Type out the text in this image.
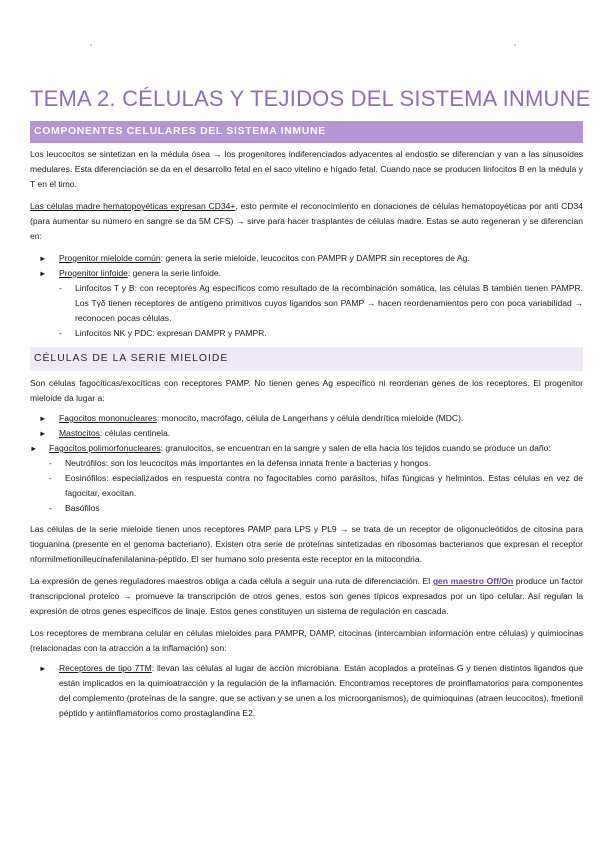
‚	‚
TEMA 2. CÉLULAS Y TEJIDOS DEL SISTEMA INMUNE
COMPONENTES CELULARES DEL SISTEMA INMUNE

Los leucocitos se sintetizan en la médula ósea → los progenitores indiferenciados adyacentes al endostio se diferencian y van a las sinusoides medulares. Esta diferenciación se da en el desarrollo fetal en el saco vitelino e hígado fetal. Cuando nace se producen linfocitos B en la médula y T en el timo.

Las células madre hematopoyéticas expresan CD34+, esto permite el reconocimiento en donaciones de células hematopoyéticas por anti CD34 (para aumentar su número en sangre se da 5M CFS) → sirve para hacer trasplantes de células madre. Estas se auto regeneran y se diferencian en:

► Progenitor mieloide común: genera la serie mieloide, leucocitos con PAMPR y DAMPR sin receptores de Ag.
► Progenitor linfoide: genera la serie linfoide.
- Linfocitos T y B: con receptores Ag específicos como resultado de la recombinación somática, las células B también tienen PAMPR. Los Tγδ tienen receptores de antígeno primitivos cuyos ligandos son PAMP → hacen reordenamientos pero con poca variabilidad → reconocen pocas células.
- Linfocitos NK y PDC: expresan DAMPR y PAMPR.
CÉLULAS DE LA SERIE MIELOIDE

Son células fagocíticas/exocíticas con receptores PAMP. No tienen genes Ag específico ni reordenan genes de los receptores. El progenitor mieloide da lugar a:

► Fagocitos mononucleares: monocito, macrófago, célula de Langerhans y célula dendrítica mieloide (MDC).
► Mastocitos: células centinela.
► Fagocitos polimorfonucleares: granulocitos, se encuentran en la sangre y salen de ella hacia los tejidos cuando se produce un daño:
- Neutrófilos: son los leucocitos más importantes en la defensa innata frente a bacterias y hongos.
- Eosinófilos: especializados en respuesta contra no fagocitables como parásitos, hifas fúngicas y helmintos. Estas células en vez de fagocitar, exocitan.
- Basófilos

Las células de la serie mieloide tienen unos receptores PAMP para LPS y PL9 → se trata de un receptor de oligonucleótidos de citosina para tioguanina (presente en el genoma bacteriano). Existen otra serie de proteínas sintetizadas en ribosomas bacterianos que expresan el receptor nformilmetionilleucinafenilalanina-péptido. El ser humano solo presenta este receptor en la mitocondria.

La expresión de genes reguladores maestros obliga a cada célula a seguir una ruta de diferenciación. El gen maestro Off/On produce un factor transcripcional proteico → promueve la transcripción de otros genes, estos son genes típicos expresados por un tipo celular. Así regulan la expresión de otros genes específicos de linaje. Estos genes constituyen un sistema de regulación en cascada.

Los receptores de membrana celular en células mieloides para PAMPR, DAMP, citocinas (intercambian información entre células) y quimiocinas (relacionadas con la atracción a la inflamación) son:

► Receptores de tipo 7TM: llevan las células al lugar de acción microbiana. Están acoplados a proteínas G y tienen distintos ligandos que están implicados en la quimioatracción y la regulación de la inflamación. Encontramos receptores de proinflamatorios para componentes del complemento (proteínas de la sangre, que se activan y se unen a los microorganismos), de quimioquinas (atraen leucocitos), fmetionil péptido y antiinflamatorios como prostaglandina E2.
